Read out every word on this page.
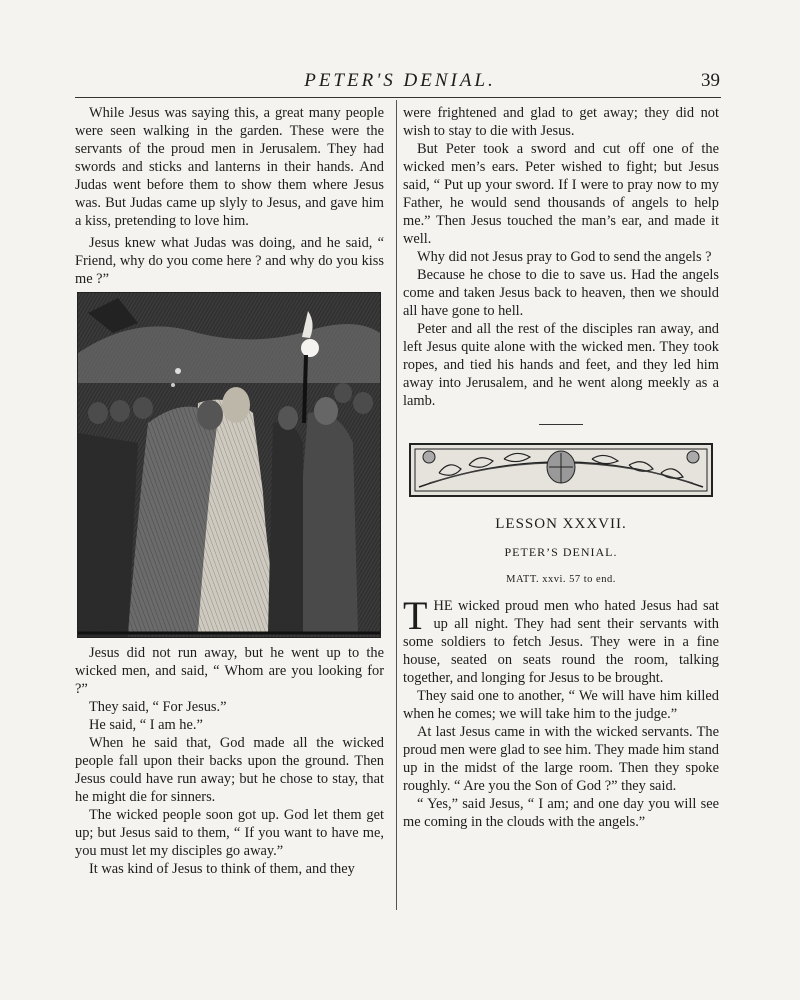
PETER'S DENIAL.	39

While Jesus was saying this, a great many people were seen walking in the garden. These were the servants of the proud men in Jerusalem. They had swords and sticks and lanterns in their hands. And Judas went before them to show them where Jesus was. But Judas came up slyly to Jesus, and gave him a kiss, pretending to love him.

Jesus knew what Judas was doing, and he said, “ Friend, why do you come here ? and why do you kiss me ?”

Jesus did not run away, but he went up to the wicked men, and said, “ Whom are you looking for ?”

They said, “ For Jesus.”

He said, “ I am he.”

When he said that, God made all the wicked people fall upon their backs upon the ground. Then Jesus could have run away; but he chose to stay, that he might die for sinners.

The wicked people soon got up. God let them get up; but Jesus said to them, “ If you want to have me, you must let my disciples go away.”

It was kind of Jesus to think of them, and they

were frightened and glad to get away; they did not wish to stay to die with Jesus.

But Peter took a sword and cut off one of the wicked men’s ears. Peter wished to fight; but Jesus said, “ Put up your sword. If I were to pray now to my Father, he would send thousands of angels to help me.” Then Jesus touched the man’s ear, and made it well.

Why did not Jesus pray to God to send the angels ?

Because he chose to die to save us. Had the angels come and taken Jesus back to heaven, then we should all have gone to hell.

Peter and all the rest of the disciples ran away, and left Jesus quite alone with the wicked men. They took ropes, and tied his hands and feet, and they led him away into Jerusalem, and he went along meekly as a lamb.

LESSON XXXVII.
PETER’S DENIAL.
MATT. xxvi. 57 to end.

THE wicked proud men who hated Jesus had sat up all night. They had sent their servants with some soldiers to fetch Jesus. They were in a fine house, seated on seats round the room, talking together, and longing for Jesus to be brought.

They said one to another, “ We will have him killed when he comes; we will take him to the judge.”

At last Jesus came in with the wicked servants. The proud men were glad to see him. They made him stand up in the midst of the large room. Then they spoke roughly. “ Are you the Son of God ?” they said.

“ Yes,” said Jesus, “ I am; and one day you will see me coming in the clouds with the angels.”
